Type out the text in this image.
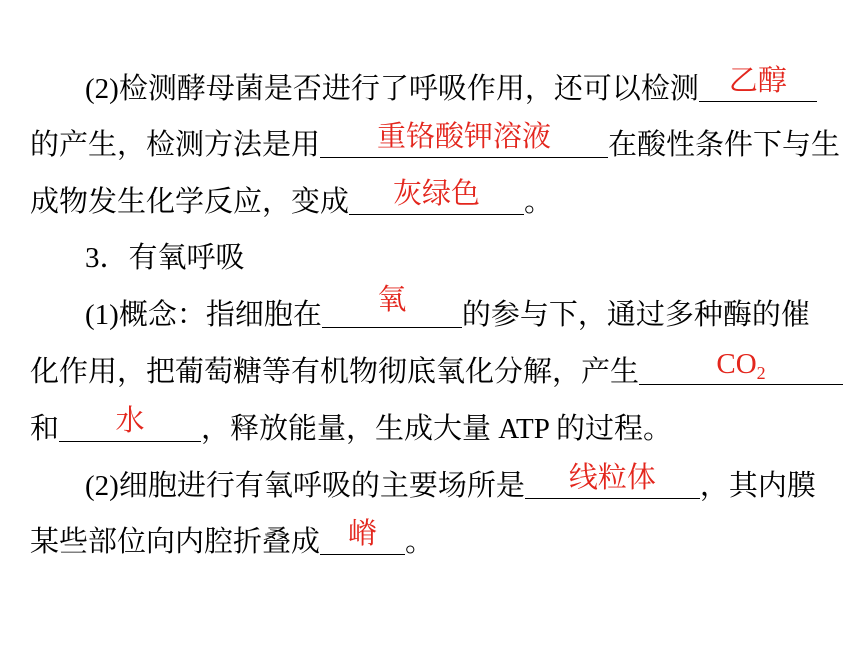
(2)检测酵母菌是否进行了呼吸作用，还可以检测	乙醇
的产生，检测方法是用	重铬酸钾溶液	在酸性条件下与生
成物发生化学反应，变成	灰绿色	。
3．有氧呼吸
(1)概念：指细胞在	氧	的参与下，通过多种酶的催
化作用，把葡萄糖等有机物彻底氧化分解，产生	$CO_2$
和	水	，释放能量，生成大量 ATP 的过程。
(2)细胞进行有氧呼吸的主要场所是	线粒体	，其内膜
某些部位向内腔折叠成 嵴 。
